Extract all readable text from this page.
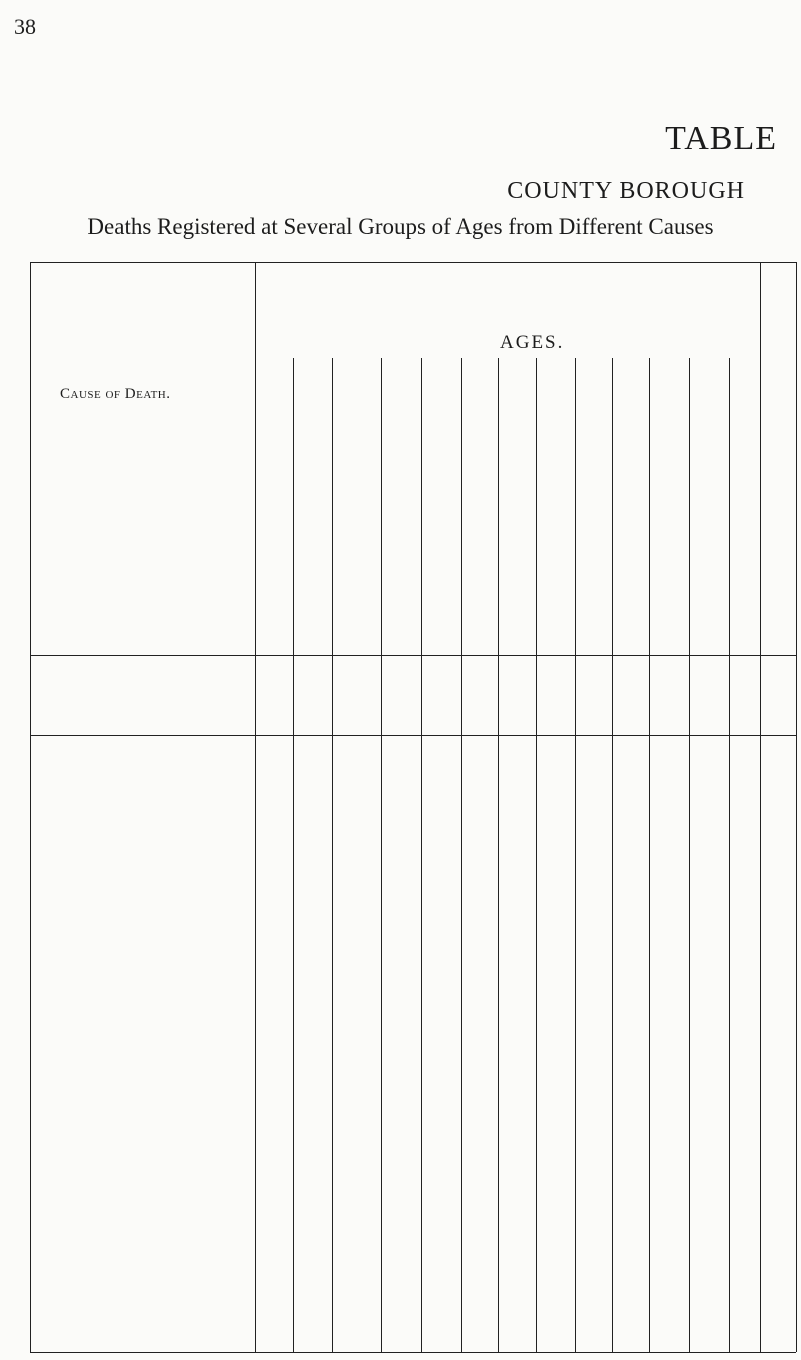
38
TABLE
COUNTY BOROUGH
Deaths Registered at Several Groups of Ages from Different Causes
AGES.
Cause of Death.
